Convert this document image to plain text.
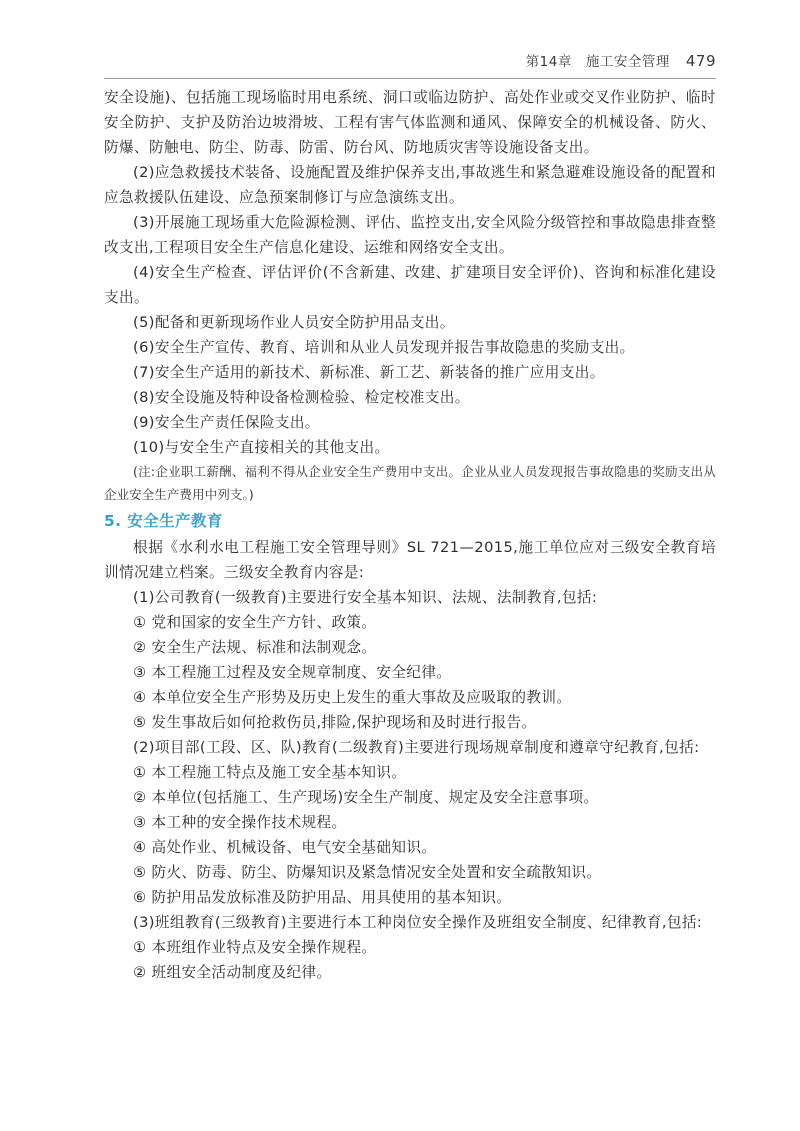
第14章　施工安全管理 479

安全设施)、包括施工现场临时用电系统、洞口或临边防护、高处作业或交叉作业防护、临时安全防护、支护及防治边坡滑坡、工程有害气体监测和通风、保障安全的机械设备、防火、防爆、防触电、防尘、防毒、防雷、防台风、防地质灾害等设施设备支出。

(2)应急救援技术装备、设施配置及维护保养支出,事故逃生和紧急避难设施设备的配置和应急救援队伍建设、应急预案制修订与应急演练支出。

(3)开展施工现场重大危险源检测、评估、监控支出,安全风险分级管控和事故隐患排查整改支出,工程项目安全生产信息化建设、运维和网络安全支出。

(4)安全生产检查、评估评价(不含新建、改建、扩建项目安全评价)、咨询和标准化建设支出。

(5)配备和更新现场作业人员安全防护用品支出。

(6)安全生产宣传、教育、培训和从业人员发现并报告事故隐患的奖励支出。

(7)安全生产适用的新技术、新标准、新工艺、新装备的推广应用支出。

(8)安全设施及特种设备检测检验、检定校准支出。

(9)安全生产责任保险支出。

(10)与安全生产直接相关的其他支出。

(注:企业职工薪酬、福利不得从企业安全生产费用中支出。企业从业人员发现报告事故隐患的奖励支出从企业安全生产费用中列支。)

5. 安全生产教育

根据《水利水电工程施工安全管理导则》SL 721—2015,施工单位应对三级安全教育培训情况建立档案。三级安全教育内容是:

(1)公司教育(一级教育)主要进行安全基本知识、法规、法制教育,包括:

① 党和国家的安全生产方针、政策。

② 安全生产法规、标准和法制观念。

③ 本工程施工过程及安全规章制度、安全纪律。

④ 本单位安全生产形势及历史上发生的重大事故及应吸取的教训。

⑤ 发生事故后如何抢救伤员,排险,保护现场和及时进行报告。

(2)项目部(工段、区、队)教育(二级教育)主要进行现场规章制度和遵章守纪教育,包括:

① 本工程施工特点及施工安全基本知识。

② 本单位(包括施工、生产现场)安全生产制度、规定及安全注意事项。

③ 本工种的安全操作技术规程。

④ 高处作业、机械设备、电气安全基础知识。

⑤ 防火、防毒、防尘、防爆知识及紧急情况安全处置和安全疏散知识。

⑥ 防护用品发放标准及防护用品、用具使用的基本知识。

(3)班组教育(三级教育)主要进行本工种岗位安全操作及班组安全制度、纪律教育,包括:

① 本班组作业特点及安全操作规程。

② 班组安全活动制度及纪律。
